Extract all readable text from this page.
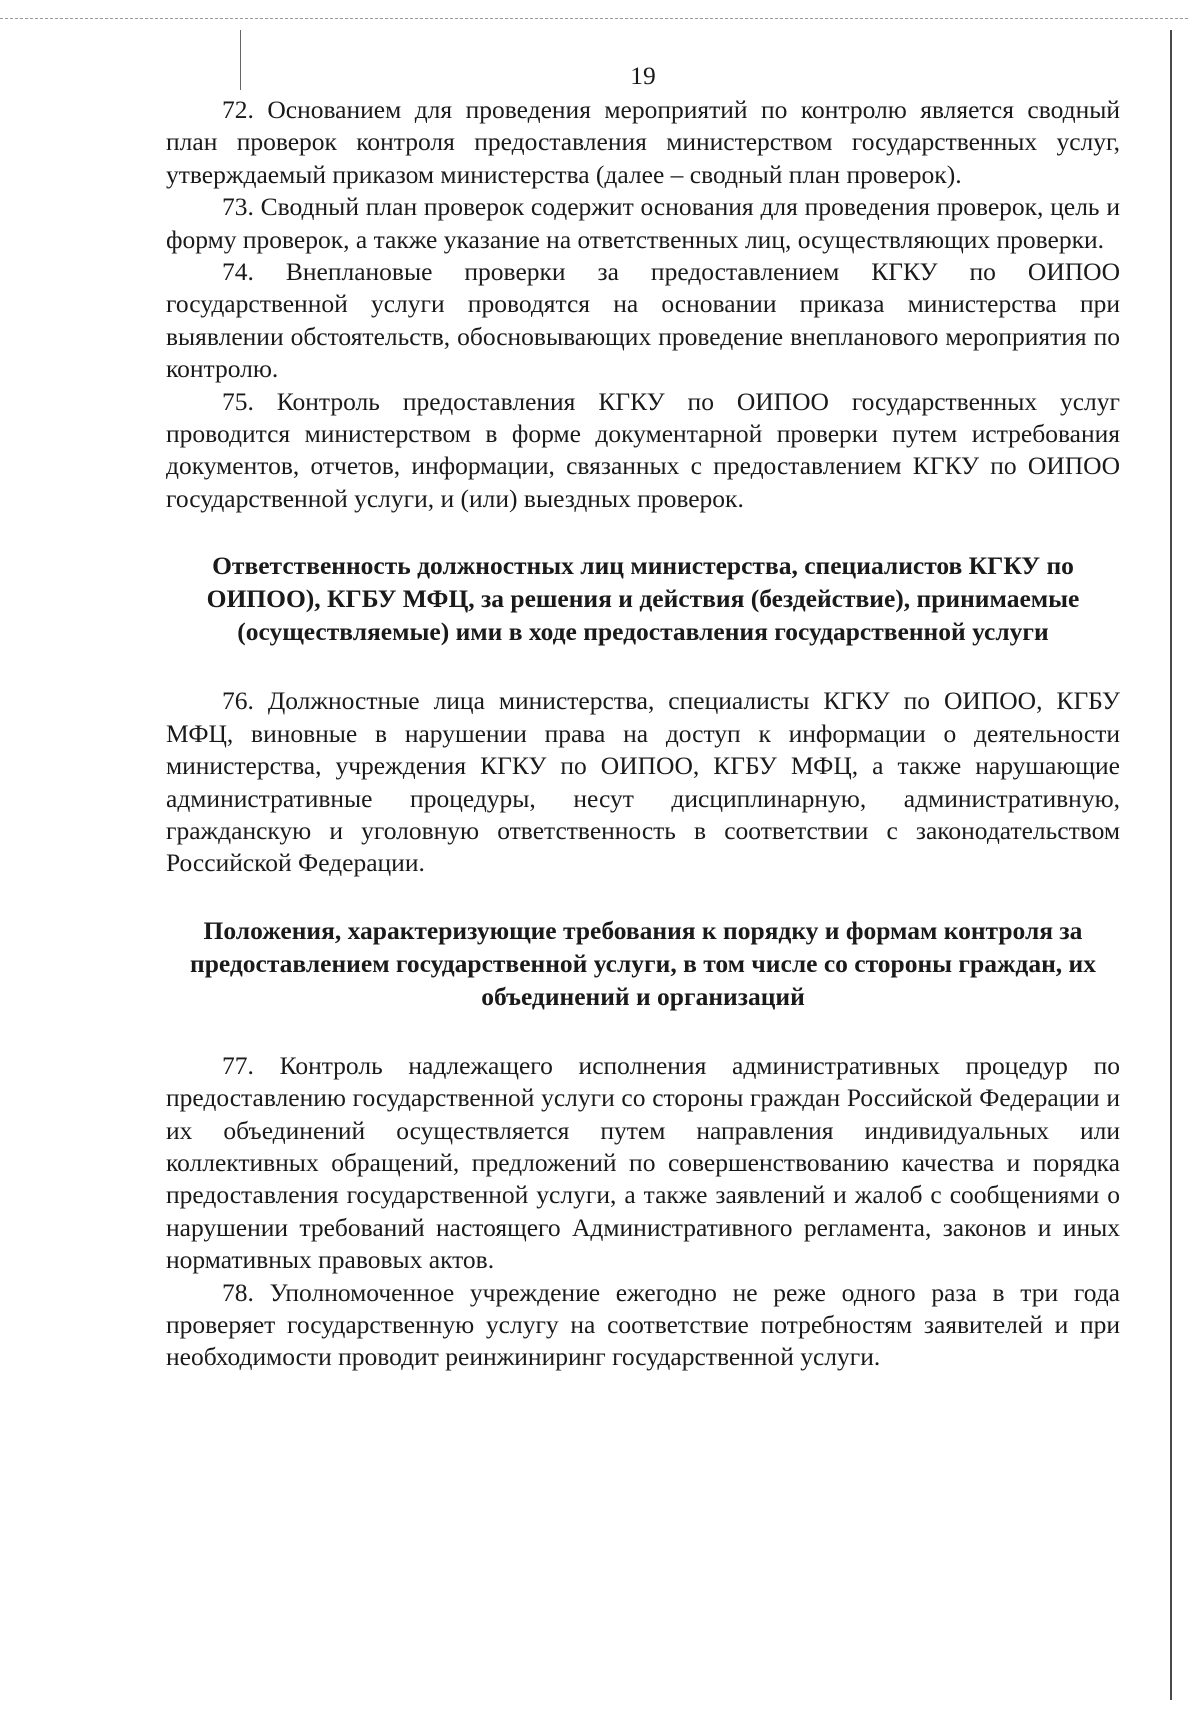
19

72. Основанием для проведения мероприятий по контролю является сводный план проверок контроля предоставления министерством государственных услуг, утверждаемый приказом министерства (далее – сводный план проверок).

73. Сводный план проверок содержит основания для проведения проверок, цель и форму проверок, а также указание на ответственных лиц, осуществляющих проверки.

74. Внеплановые проверки за предоставлением КГКУ по ОИПОО государственной услуги проводятся на основании приказа министерства при выявлении обстоятельств, обосновывающих проведение внепланового мероприятия по контролю.

75. Контроль предоставления КГКУ по ОИПОО государственных услуг проводится министерством в форме документарной проверки путем истребования документов, отчетов, информации, связанных с предоставлением КГКУ по ОИПОО государственной услуги, и (или) выездных проверок.

Ответственность должностных лиц министерства, специалистов КГКУ по ОИПОО), КГБУ МФЦ, за решения и действия (бездействие), принимаемые (осуществляемые) ими в ходе предоставления государственной услуги

76. Должностные лица министерства, специалисты КГКУ по ОИПОО, КГБУ МФЦ, виновные в нарушении права на доступ к информации о деятельности министерства, учреждения КГКУ по ОИПОО, КГБУ МФЦ, а также нарушающие административные процедуры, несут дисциплинарную, административную, гражданскую и уголовную ответственность в соответствии с законодательством Российской Федерации.

Положения, характеризующие требования к порядку и формам контроля за предоставлением государственной услуги, в том числе со стороны граждан, их объединений и организаций

77. Контроль надлежащего исполнения административных процедур по предоставлению государственной услуги со стороны граждан Российской Федерации и их объединений осуществляется путем направления индивидуальных или коллективных обращений, предложений по совершенствованию качества и порядка предоставления государственной услуги, а также заявлений и жалоб с сообщениями о нарушении требований настоящего Административного регламента, законов и иных нормативных правовых актов.

78. Уполномоченное учреждение ежегодно не реже одного раза в три года проверяет государственную услугу на соответствие потребностям заявителей и при необходимости проводит реинжиниринг государственной услуги.
